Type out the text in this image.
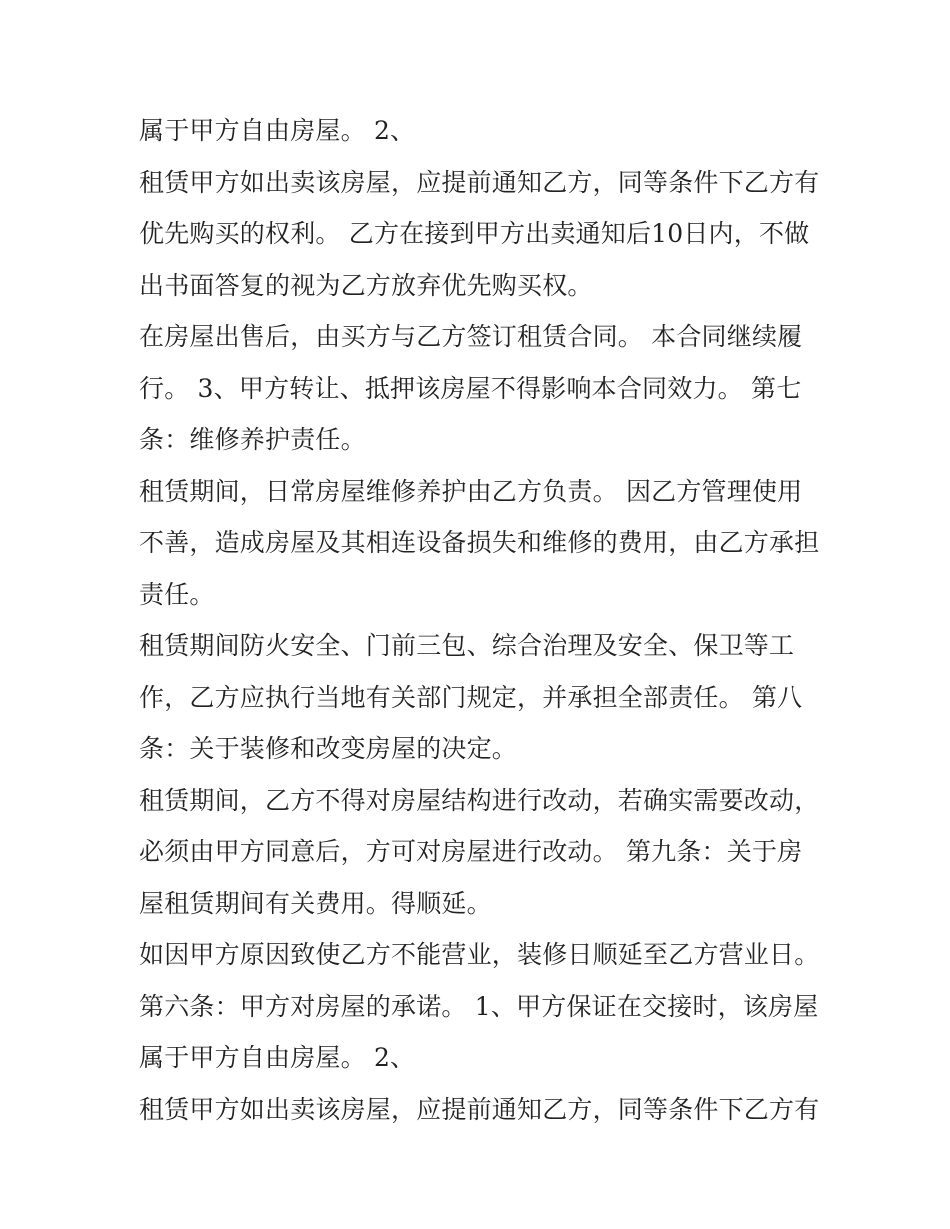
属于甲方自由房屋。 2、
租赁甲方如出卖该房屋，应提前通知乙方，同等条件下乙方有
优先购买的权利。 乙方在接到甲方出卖通知后10日内，不做
出书面答复的视为乙方放弃优先购买权。
在房屋出售后，由买方与乙方签订租赁合同。 本合同继续履
行。 3、甲方转让、抵押该房屋不得影响本合同效力。 第七
条：维修养护责任。
租赁期间，日常房屋维修养护由乙方负责。 因乙方管理使用
不善，造成房屋及其相连设备损失和维修的费用，由乙方承担
责任。
租赁期间防火安全、门前三包、综合治理及安全、保卫等工
作，乙方应执行当地有关部门规定，并承担全部责任。 第八
条：关于装修和改变房屋的决定。
租赁期间，乙方不得对房屋结构进行改动，若确实需要改动，
必须由甲方同意后，方可对房屋进行改动。 第九条：关于房
屋租赁期间有关费用。得顺延。
如因甲方原因致使乙方不能营业，装修日顺延至乙方营业日。
第六条：甲方对房屋的承诺。 1、甲方保证在交接时，该房屋
属于甲方自由房屋。 2、
租赁甲方如出卖该房屋，应提前通知乙方，同等条件下乙方有
